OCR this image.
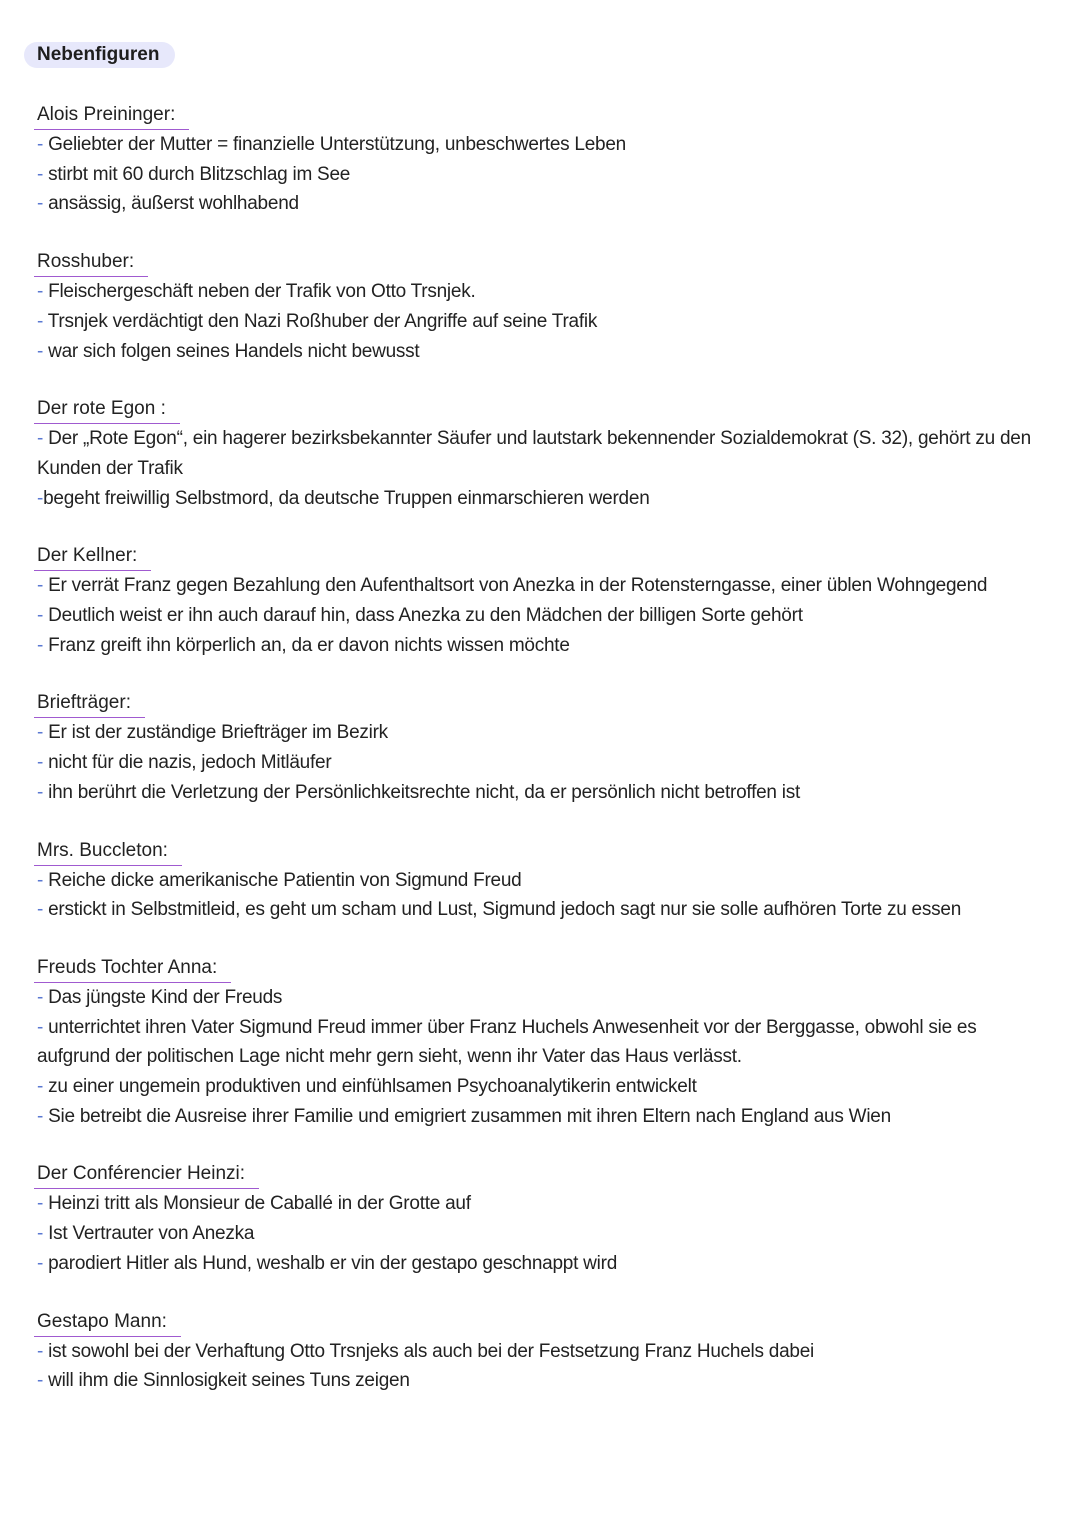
Nebenfiguren
Alois Preininger:
- Geliebter der Mutter = finanzielle Unterstützung, unbeschwertes Leben
- stirbt mit 60 durch Blitzschlag im See
- ansässig, äußerst wohlhabend
Rosshuber:
- Fleischergeschäft neben der Trafik von Otto Trsnjek.
- Trsnjek verdächtigt den Nazi Roßhuber der Angriffe auf seine Trafik
- war sich folgen seines Handels nicht bewusst
Der rote Egon :
- Der „Rote Egon“, ein hagerer bezirksbekannter Säufer und lautstark bekennender Sozialdemokrat (S. 32), gehört zu den Kunden der Trafik
-begeht freiwillig Selbstmord, da deutsche Truppen einmarschieren werden
Der Kellner:
- Er verrät Franz gegen Bezahlung den Aufenthaltsort von Anezka in der Rotensterngasse, einer üblen Wohngegend
- Deutlich weist er ihn auch darauf hin, dass Anezka zu den Mädchen der billigen Sorte gehört
- Franz greift ihn körperlich an, da er davon nichts wissen möchte
Briefträger:
- Er ist der zuständige Briefträger im Bezirk
- nicht für die nazis, jedoch Mitläufer
- ihn berührt die Verletzung der Persönlichkeitsrechte nicht, da er persönlich nicht betroffen ist
Mrs. Buccleton:
- Reiche dicke amerikanische Patientin von Sigmund Freud
- erstickt in Selbstmitleid, es geht um scham und Lust, Sigmund jedoch sagt nur sie solle aufhören Torte zu essen
Freuds Tochter Anna:
- Das jüngste Kind der Freuds
- unterrichtet ihren Vater Sigmund Freud immer über Franz Huchels Anwesenheit vor der Berggasse, obwohl sie es aufgrund der politischen Lage nicht mehr gern sieht, wenn ihr Vater das Haus verlässt.
- zu einer ungemein produktiven und einfühlsamen Psychoanalytikerin entwickelt
- Sie betreibt die Ausreise ihrer Familie und emigriert zusammen mit ihren Eltern nach England aus Wien
Der Conférencier Heinzi:
- Heinzi tritt als Monsieur de Caballé in der Grotte auf
- Ist Vertrauter von Anezka
- parodiert Hitler als Hund, weshalb er vin der gestapo geschnappt wird
Gestapo Mann:
- ist sowohl bei der Verhaftung Otto Trsnjeks als auch bei der Festsetzung Franz Huchels dabei
- will ihm die Sinnlosigkeit seines Tuns zeigen
